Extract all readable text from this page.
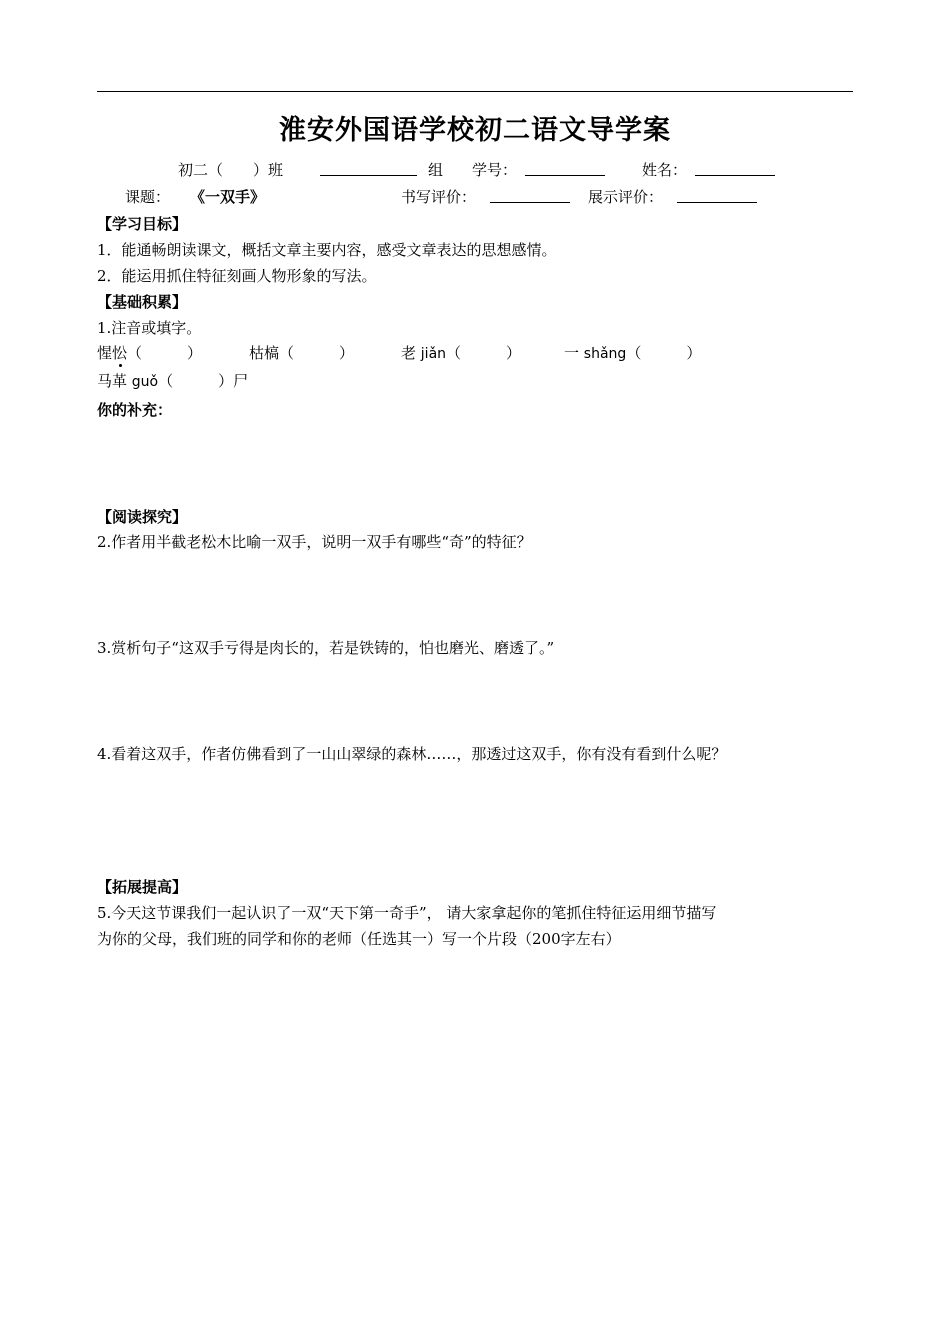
淮安外国语学校初二语文导学案
初二（　　）班	组 学号：	姓名：
课题： 《一双手》	书写评价：	展示评价：
【学习目标】
1．能通畅朗读课文，概括文章主要内容，感受文章表达的思想感情。
2．能运用抓住特征刻画人物形象的写法。
【基础积累】
1.注音或填字。
惺忪（　　　）	枯槁（　　　）	老 jiǎn（　　　）	一 shǎng（　　　）
马革 guǒ（　　　）尸
你的补充：
【阅读探究】
2.作者用半截老松木比喻一双手，说明一双手有哪些“奇”的特征？
3.赏析句子“这双手亏得是肉长的，若是铁铸的，怕也磨光、磨透了。”
4.看着这双手，作者仿佛看到了一山山翠绿的森林……，那透过这双手，你有没有看到什么呢？
【拓展提高】
5.今天这节课我们一起认识了一双“天下第一奇手”， 请大家拿起你的笔抓住特征运用细节描写
为你的父母，我们班的同学和你的老师（任选其一）写一个片段（200字左右）
